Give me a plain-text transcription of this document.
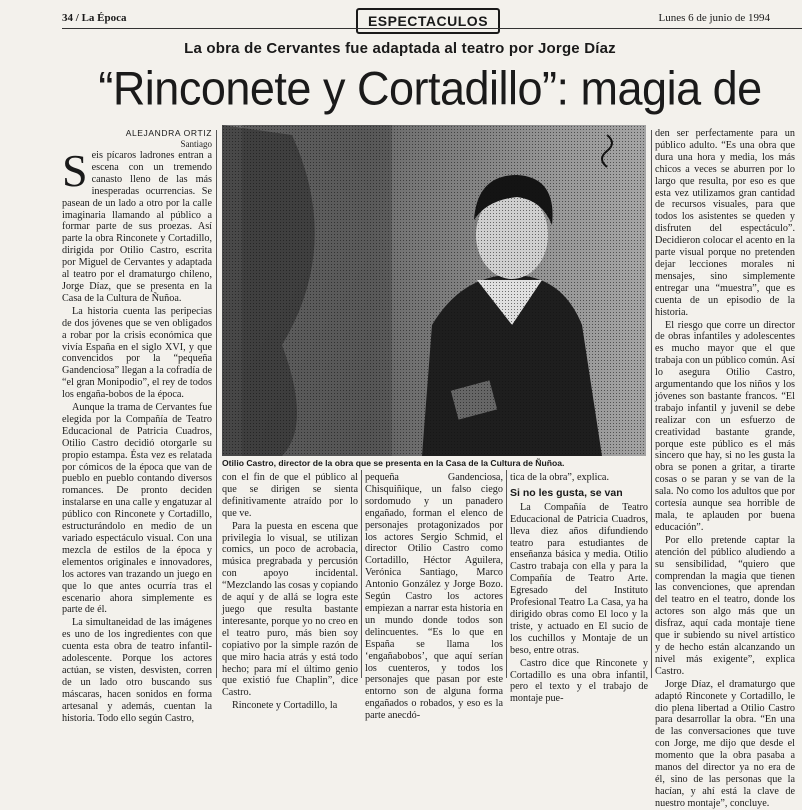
34 / La Época	ESPECTACULOS	Lunes 6 de junio de 1994
La obra de Cervantes fue adaptada al teatro por Jorge Díaz
“Rinconete y Cortadillo”: magia de
ALEJANDRA ORTIZ
Santiago

Seis pícaros ladrones entran a escena con un tremendo canasto lleno de las más inesperadas ocurrencias. Se pasean de un lado a otro por la calle imaginaria llamando al público a formar parte de sus proezas. Así parte la obra Rinconete y Cortadillo, dirigida por Otilio Castro, escrita por Miguel de Cervantes y adaptada al teatro por el dramaturgo chileno, Jorge Díaz, que se presenta en la Casa de la Cultura de Ñuñoa.

La historia cuenta las peripecias de dos jóvenes que se ven obligados a robar por la crisis económica que vivía España en el siglo XVI, y que convencidos por la “pequeña Gandenciosa” llegan a la cofradía de “el gran Monipodio”, el rey de todos los engaña-bobos de la época.

Aunque la trama de Cervantes fue elegida por la Compañía de Teatro Educacional de Patricia Cuadros, Otilio Castro decidió otorgarle su propio estampa. Ésta vez es relatada por cómicos de la época que van de pueblo en pueblo contando diversos romances. De pronto deciden instalarse en una calle y engatuzar al público con Rinconete y Cortadillo, estructurándolo en medio de un variado espectáculo visual. Con una mezcla de estilos de la época y elementos originales e innovadores, los actores van trazando un juego en que lo que antes ocurría tras el escenario ahora simplemente es parte de él.

La simultaneidad de las imágenes es uno de los ingredientes con que cuenta esta obra de teatro infantil-adolescente. Porque los actores actúan, se visten, desvisten, corren de un lado otro buscando sus máscaras, hacen sonidos en forma artesanal y además, cuentan la historia. Todo ello según Castro,

Otilio Castro, director de la obra que se presenta en la Casa de la Cultura de Ñuñoa.

con el fin de que el público al que se dirigen se sienta definitivamente atraído por lo que ve.

Para la puesta en escena que privilegia lo visual, se utilizan comics, un poco de acrobacia, música pregrabada y percusión con apoyo incidental. “Mezclando las cosas y copiando de aquí y de allá se logra este juego que resulta bastante interesante, porque yo no creo en el teatro puro, más bien soy copiativo por la simple razón de que miro hacia atrás y está todo hecho; para mí el último genio que existió fue Chaplin”, dice Castro.

Rinconete y Cortadillo, la

pequeña Gandenciosa, Chisquiñique, un falso ciego sordomudo y un panadero engañado, forman el elenco de personajes protagonizados por los actores Sergio Schmid, el director Otilio Castro como Cortadillo, Héctor Aguilera, Verónica Santiago, Marco Antonio González y Jorge Bozo. Según Castro los actores empiezan a narrar esta historia en un mundo donde todos son delincuentes. “Es lo que en España se llama los ‘engañabobos’, que aquí serían los cuenteros, y todos los personajes que pasan por este entorno son de alguna forma engañados o robados, y eso es la parte anecdó-

tica de la obra”, explica.

Si no les gusta, se van

La Compañía de Teatro Educacional de Patricia Cuadros, lleva diez años difundiendo teatro para estudiantes de enseñanza básica y media. Otilio Castro trabaja con ella y para la Compañía de Teatro Arte. Egresado del Instituto Profesional Teatro La Casa, ya ha dirigido obras como El loco y la triste, y actuado en El sucio de los cuchillos y Montaje de un beso, entre otras.

Castro dice que Rinconete y Cortadillo es una obra infantil, pero el texto y el trabajo de montaje pue-

den ser perfectamente para un público adulto. “Es una obra que dura una hora y media, los más chicos a veces se aburren por lo largo que resulta, por eso es que esta vez utilizamos gran cantidad de recursos visuales, para que todos los asistentes se queden y disfruten del espectáculo”. Decidieron colocar el acento en la parte visual porque no pretenden dejar lecciones morales ni mensajes, sino simplemente entregar una “muestra”, que es cuenta de un episodio de la historia.

El riesgo que corre un director de obras infantiles y adolescentes es mucho mayor que el que trabaja con un público común. Así lo asegura Otilio Castro, argumentando que los niños y los jóvenes son bastante francos. “El trabajo infantil y juvenil se debe realizar con un esfuerzo de creatividad bastante grande, porque este público es el más sincero que hay, si no les gusta la obra se ponen a gritar, a tirarte cosas o se paran y se van de la sala. No como los adultos que por cortesía aunque sea horrible de mala, te aplauden por buena educación”.

Por ello pretende captar la atención del público aludiendo a su sensibilidad, “quiero que comprendan la magia que tienen las convenciones, que aprendan del teatro en el teatro, donde los actores son algo más que un disfraz, aquí cada montaje tiene que ir subiendo su nivel artístico y de hecho están alcanzando un nivel más exigente”, explica Castro.

Jorge Díaz, el dramaturgo que adaptó Rinconete y Cortadillo, le dio plena libertad a Otilio Castro para desarrollar la obra. “En una de las conversaciones que tuve con Jorge, me dijo que desde el momento que la obra pasaba a manos del director ya no era de él, sino de las personas que la hacían, y ahí está la clave de nuestro montaje”, concluye.
